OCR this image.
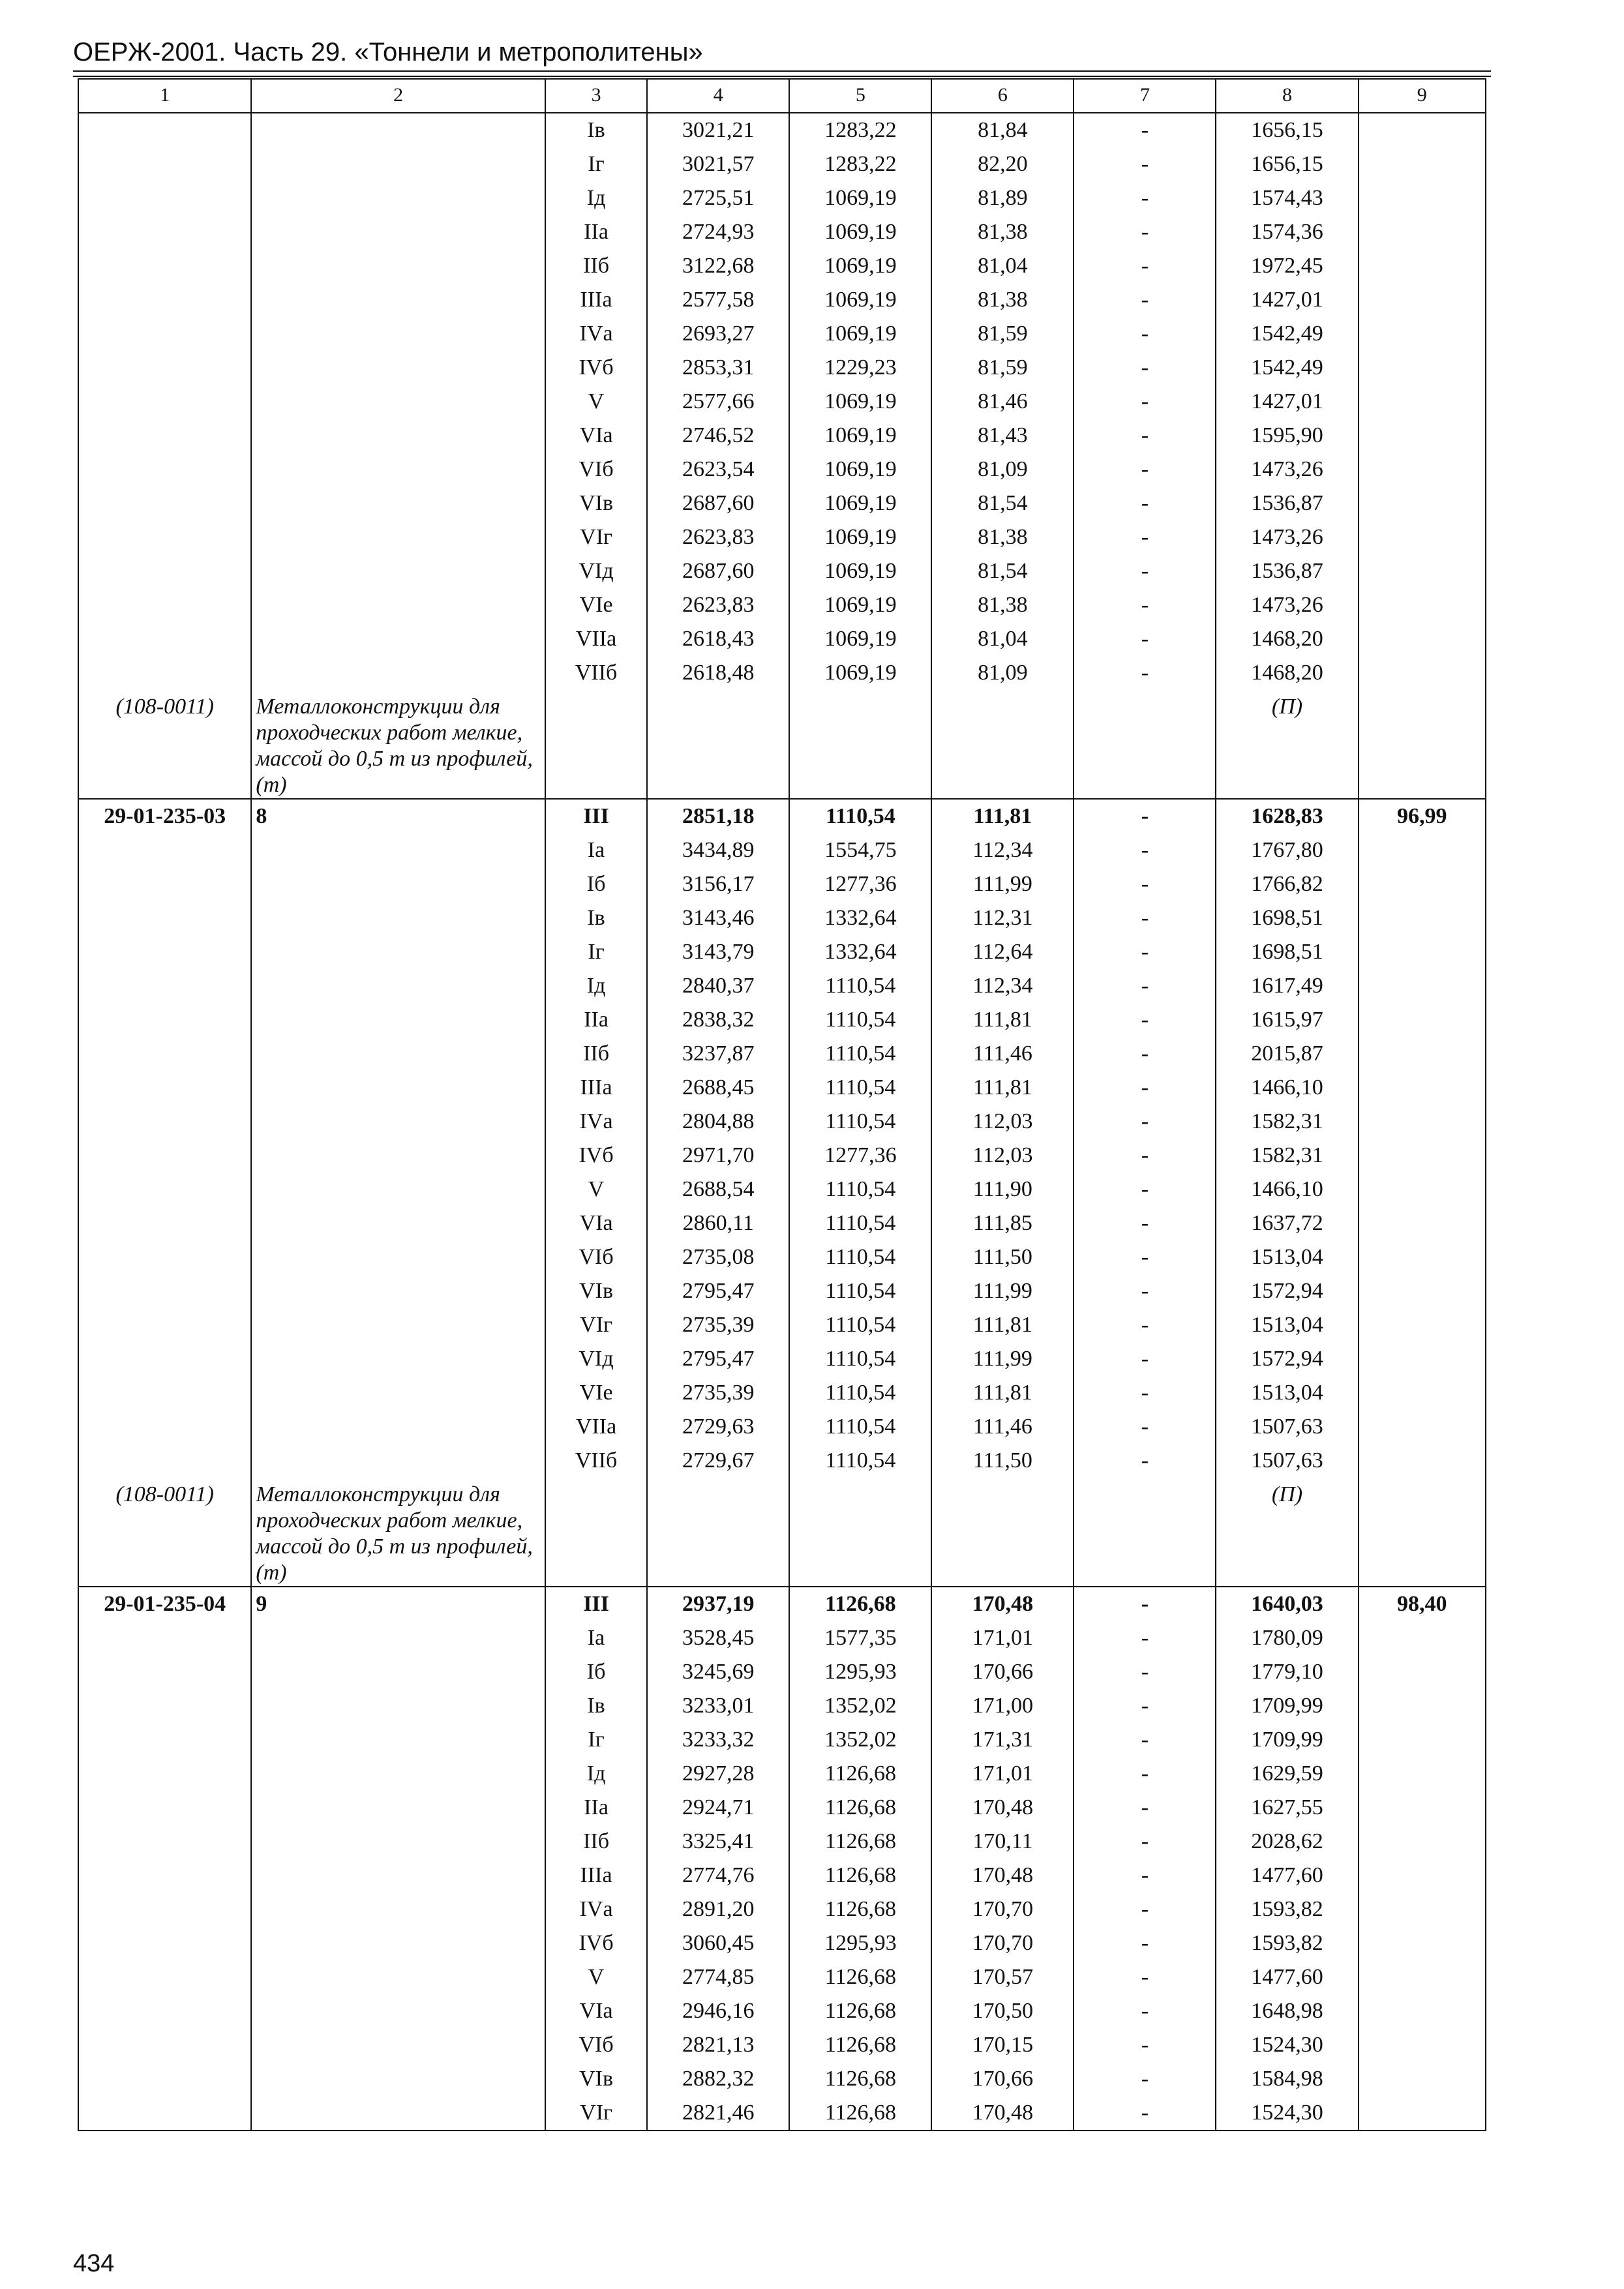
ОЕРЖ-2001. Часть 29. «Тоннели и метрополитены»
1	2	3	4	5	6	7	8	9
		Iв	3021,21	1283,22	81,84	-	1656,15	
		Iг	3021,57	1283,22	82,20	-	1656,15	
		Iд	2725,51	1069,19	81,89	-	1574,43	
		IIа	2724,93	1069,19	81,38	-	1574,36	
		IIб	3122,68	1069,19	81,04	-	1972,45	
		IIIа	2577,58	1069,19	81,38	-	1427,01	
		IVа	2693,27	1069,19	81,59	-	1542,49	
		IVб	2853,31	1229,23	81,59	-	1542,49	
		V	2577,66	1069,19	81,46	-	1427,01	
		VIа	2746,52	1069,19	81,43	-	1595,90	
		VIб	2623,54	1069,19	81,09	-	1473,26	
		VIв	2687,60	1069,19	81,54	-	1536,87	
		VIг	2623,83	1069,19	81,38	-	1473,26	
		VIд	2687,60	1069,19	81,54	-	1536,87	
		VIе	2623,83	1069,19	81,38	-	1473,26	
		VIIа	2618,43	1069,19	81,04	-	1468,20	
		VIIб	2618,48	1069,19	81,09	-	1468,20	
(108-0011)	Металлоконструкции для проходческих работ мелкие, массой до 0,5 т из профилей, (т)						(П)	
29-01-235-03	8	III	2851,18	1110,54	111,81	-	1628,83	96,99
		Iа	3434,89	1554,75	112,34	-	1767,80	
		Iб	3156,17	1277,36	111,99	-	1766,82	
		Iв	3143,46	1332,64	112,31	-	1698,51	
		Iг	3143,79	1332,64	112,64	-	1698,51	
		Iд	2840,37	1110,54	112,34	-	1617,49	
		IIа	2838,32	1110,54	111,81	-	1615,97	
		IIб	3237,87	1110,54	111,46	-	2015,87	
		IIIа	2688,45	1110,54	111,81	-	1466,10	
		IVа	2804,88	1110,54	112,03	-	1582,31	
		IVб	2971,70	1277,36	112,03	-	1582,31	
		V	2688,54	1110,54	111,90	-	1466,10	
		VIа	2860,11	1110,54	111,85	-	1637,72	
		VIб	2735,08	1110,54	111,50	-	1513,04	
		VIв	2795,47	1110,54	111,99	-	1572,94	
		VIг	2735,39	1110,54	111,81	-	1513,04	
		VIд	2795,47	1110,54	111,99	-	1572,94	
		VIе	2735,39	1110,54	111,81	-	1513,04	
		VIIа	2729,63	1110,54	111,46	-	1507,63	
		VIIб	2729,67	1110,54	111,50	-	1507,63	
(108-0011)	Металлоконструкции для проходческих работ мелкие, массой до 0,5 т из профилей, (т)						(П)	
29-01-235-04	9	III	2937,19	1126,68	170,48	-	1640,03	98,40
		Iа	3528,45	1577,35	171,01	-	1780,09	
		Iб	3245,69	1295,93	170,66	-	1779,10	
		Iв	3233,01	1352,02	171,00	-	1709,99	
		Iг	3233,32	1352,02	171,31	-	1709,99	
		Iд	2927,28	1126,68	171,01	-	1629,59	
		IIа	2924,71	1126,68	170,48	-	1627,55	
		IIб	3325,41	1126,68	170,11	-	2028,62	
		IIIа	2774,76	1126,68	170,48	-	1477,60	
		IVа	2891,20	1126,68	170,70	-	1593,82	
		IVб	3060,45	1295,93	170,70	-	1593,82	
		V	2774,85	1126,68	170,57	-	1477,60	
		VIа	2946,16	1126,68	170,50	-	1648,98	
		VIб	2821,13	1126,68	170,15	-	1524,30	
		VIв	2882,32	1126,68	170,66	-	1584,98	
		VIг	2821,46	1126,68	170,48	-	1524,30	
434
